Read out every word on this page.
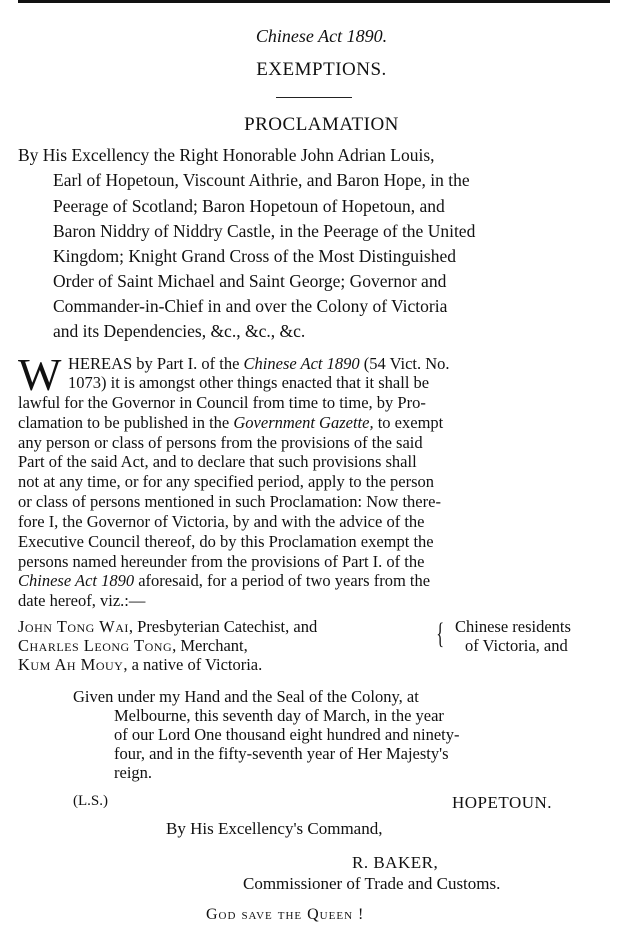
Chinese Act 1890.
EXEMPTIONS.
PROCLAMATION
By His Excellency the Right Honorable John Adrian Louis,
Earl of Hopetoun, Viscount Aithrie, and Baron Hope, in the
Peerage of Scotland; Baron Hopetoun of Hopetoun, and
Baron Niddry of Niddry Castle, in the Peerage of the United
Kingdom; Knight Grand Cross of the Most Distinguished
Order of Saint Michael and Saint George; Governor and
Commander-in-Chief in and over the Colony of Victoria
and its Dependencies, &c., &c., &c.
W HEREAS by Part I. of the Chinese Act 1890 (54 Vict. No.
1073) it is amongst other things enacted that it shall be
lawful for the Governor in Council from time to time, by Pro-
clamation to be published in the Government Gazette, to exempt
any person or class of persons from the provisions of the said
Part of the said Act, and to declare that such provisions shall
not at any time, or for any specified period, apply to the person
or class of persons mentioned in such Proclamation: Now there-
fore I, the Governor of Victoria, by and with the advice of the
Executive Council thereof, do by this Proclamation exempt the
persons named hereunder from the provisions of Part I. of the
Chinese Act 1890 aforesaid, for a period of two years from the
date hereof, viz.:—
John Tong Wai, Presbyterian Catechist, and
Charles Leong Tong, Merchant,
Kum Ah Mouy, a native of Victoria.
{ Chinese residents
of Victoria, and
Given under my Hand and the Seal of the Colony, at
Melbourne, this seventh day of March, in the year
of our Lord One thousand eight hundred and ninety-
four, and in the fifty-seventh year of Her Majesty's
reign.
(L.S.)	HOPETOUN.
By His Excellency's Command,
R. BAKER,
Commissioner of Trade and Customs.
God save the Queen !
